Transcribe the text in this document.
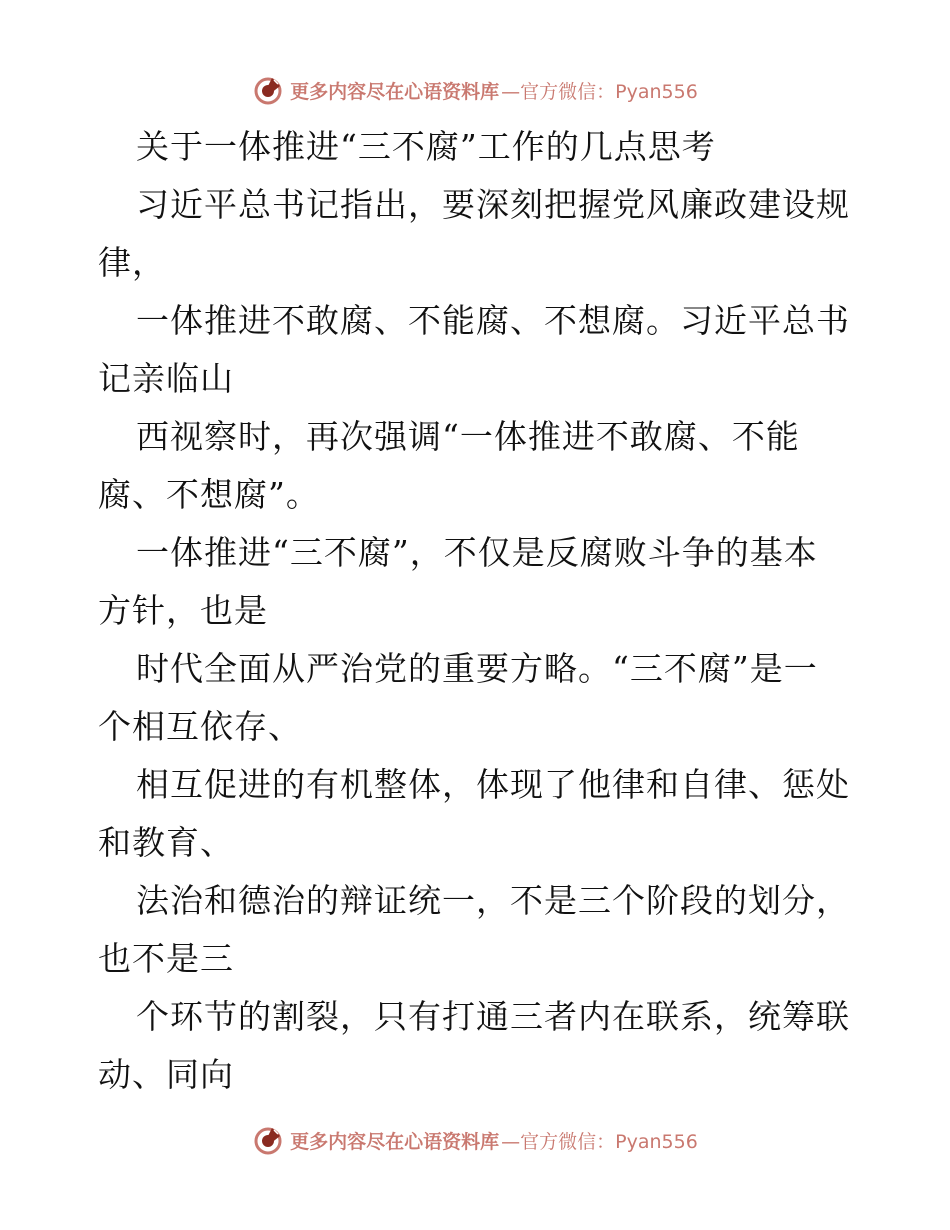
更多内容尽在心语资料库 —官方微信：Pyan556
关于一体推进“三不腐”工作的几点思考
习近平总书记指出，要深刻把握党风廉政建设规
律，
一体推进不敢腐、不能腐、不想腐。习近平总书
记亲临山
西视察时，再次强调“一体推进不敢腐、不能
腐、不想腐”。
一体推进“三不腐”，不仅是反腐败斗争的基本
方针，也是
时代全面从严治党的重要方略。“三不腐”是一
个相互依存、
相互促进的有机整体，体现了他律和自律、惩处
和教育、
法治和德治的辩证统一，不是三个阶段的划分，
也不是三
个环节的割裂，只有打通三者内在联系，统筹联
动、同向
更多内容尽在心语资料库 —官方微信：Pyan556
